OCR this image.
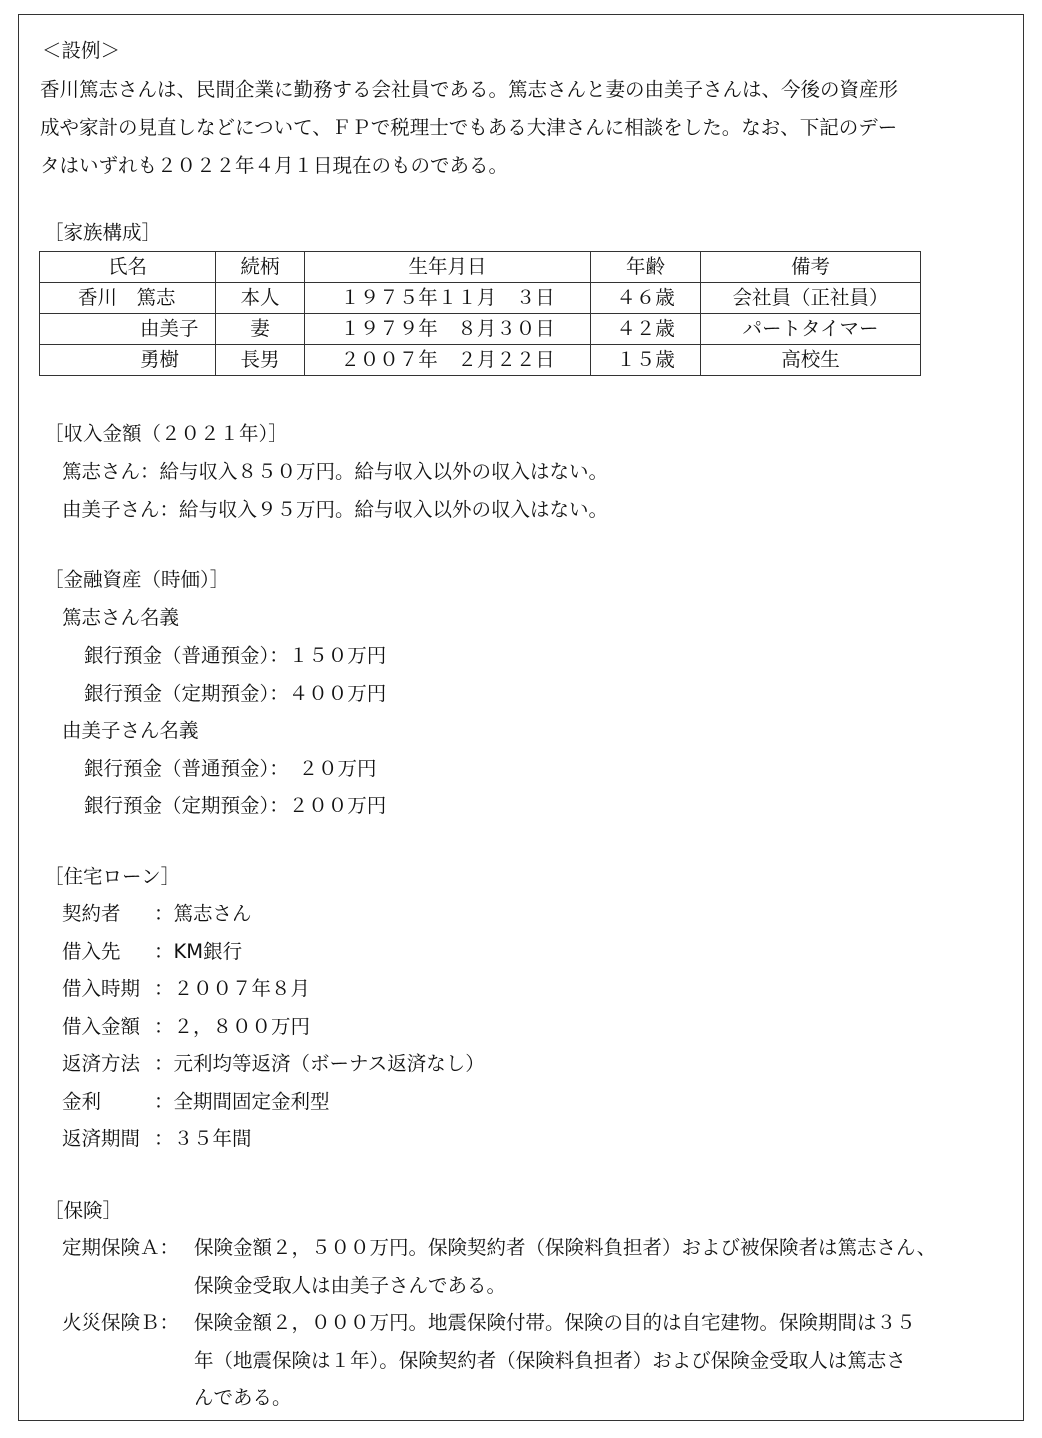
＜設例＞
香川篤志さんは、民間企業に勤務する会社員である。篤志さんと妻の由美子さんは、今後の資産形
成や家計の見直しなどについて、ＦＰで税理士でもある大津さんに相談をした。なお、下記のデー
タはいずれも２０２２年４月１日現在のものである。
［家族構成］
氏名	続柄	生年月日	年齢	備考
香川　篤志	本人	１９７５年１１月　３日	４６歳	会社員（正社員）
由美子	妻	１９７９年　８月３０日	４２歳	パートタイマー
勇樹	長男	２００７年　２月２２日	１５歳	高校生
［収入金額（２０２１年）］
篤志さん：給与収入８５０万円。給与収入以外の収入はない。
由美子さん：給与収入９５万円。給与収入以外の収入はない。
［金融資産（時価）］
篤志さん名義
銀行預金（普通預金）：１５０万円
銀行預金（定期預金）：４００万円
由美子さん名義
銀行預金（普通預金）：　２０万円
銀行預金（定期預金）：２００万円
［住宅ローン］
契約者 ：篤志さん
借入先 ：KM銀行
借入時期 ：２００７年８月
借入金額 ：２，８００万円
返済方法 ：元利均等返済（ボーナス返済なし）
金利	：全期間固定金利型
返済期間 ：３５年間
［保険］
定期保険Ａ： 保険金額２，５００万円。保険契約者（保険料負担者）および被保険者は篤志さん、
保険金受取人は由美子さんである。
火災保険Ｂ： 保険金額２，０００万円。地震保険付帯。保険の目的は自宅建物。保険期間は３５
年（地震保険は１年）。保険契約者（保険料負担者）および保険金受取人は篤志さ
んである。
